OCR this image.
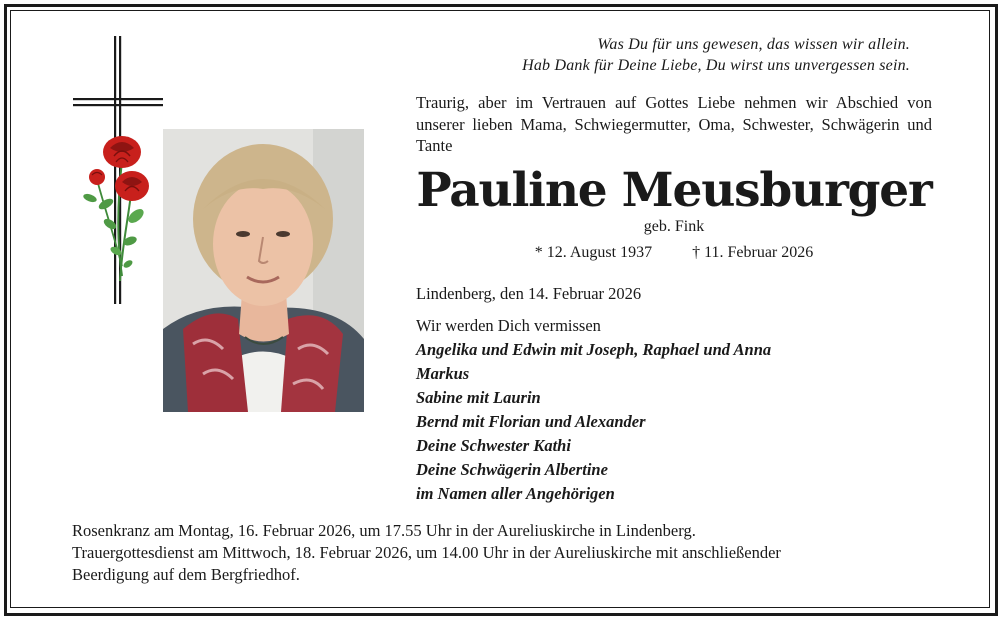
Was Du für uns gewesen, das wissen wir allein.
Hab Dank für Deine Liebe, Du wirst uns unvergessen sein.
Traurig, aber im Vertrauen auf Gottes Liebe nehmen wir Abschied von unserer lieben Mama, Schwiegermutter, Oma, Schwester, Schwägerin und Tante
Pauline Meusburger
geb. Fink
* 12. August 1937	† 11. Februar 2026
Lindenberg, den 14. Februar 2026
Wir werden Dich vermissen
Angelika und Edwin mit Joseph, Raphael und Anna
Markus
Sabine mit Laurin
Bernd mit Florian und Alexander
Deine Schwester Kathi
Deine Schwägerin Albertine
im Namen aller Angehörigen
Rosenkranz am Montag, 16. Februar 2026, um 17.55 Uhr in der Aureliuskirche in Lindenberg.
Trauergottesdienst am Mittwoch, 18. Februar 2026, um 14.00 Uhr in der Aureliuskirche mit anschließender
Beerdigung auf dem Bergfriedhof.
